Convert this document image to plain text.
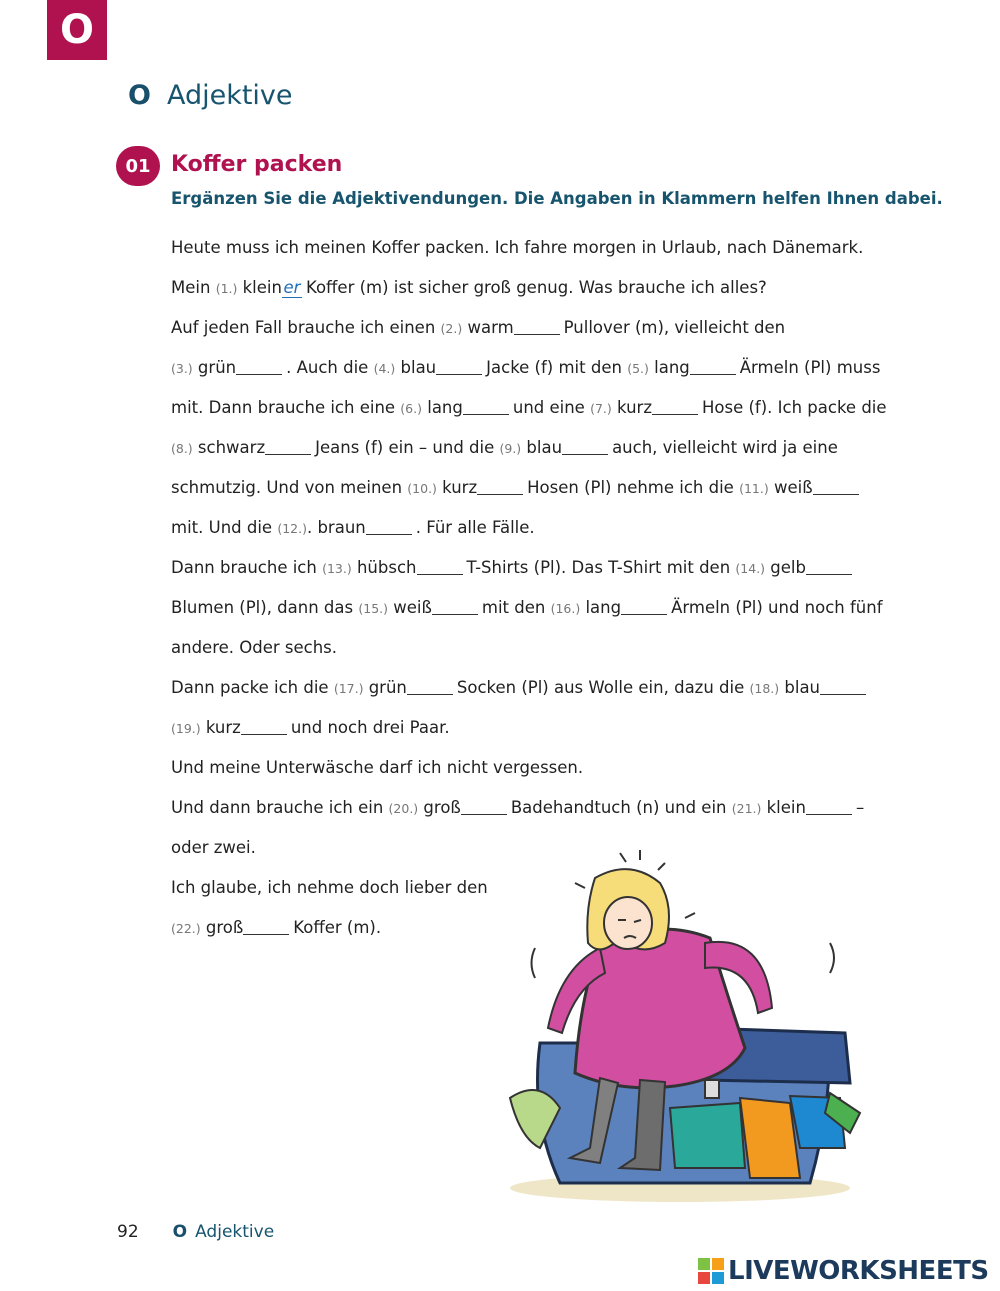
O
O Adjektive
01 Koffer packen
Ergänzen Sie die Adjektivendungen. Die Angaben in Klammern helfen Ihnen dabei.
Heute muss ich meinen Koffer packen. Ich fahre morgen in Urlaub, nach Dänemark.
Mein (1.) kleiner Koffer (m) ist sicher groß genug. Was brauche ich alles?
Auf jeden Fall brauche ich einen (2.) warm	Pullover (m), vielleicht den
(3.) grün	. Auch die (4.) blau	Jacke (f) mit den (5.) lang	Ärmeln (Pl) muss
mit. Dann brauche ich eine (6.) lang	und eine (7.) kurz	Hose (f). Ich packe die
(8.) schwarz	Jeans (f) ein – und die (9.) blau	auch, vielleicht wird ja eine
schmutzig. Und von meinen (10.) kurz	Hosen (Pl) nehme ich die (11.) weiß
mit. Und die (12.). braun	. Für alle Fälle.
Dann brauche ich (13.) hübsch	T-Shirts (Pl). Das T-Shirt mit den (14.) gelb
Blumen (Pl), dann das (15.) weiß	mit den (16.) lang	Ärmeln (Pl) und noch fünf
andere. Oder sechs.
Dann packe ich die (17.) grün	Socken (Pl) aus Wolle ein, dazu die (18.) blau
(19.) kurz	und noch drei Paar.
Und meine Unterwäsche darf ich nicht vergessen.
Und dann brauche ich ein (20.) groß	Badehandtuch (n) und ein (21.) klein	–
oder zwei.
Ich glaube, ich nehme doch lieber den
(22.) groß	Koffer (m).
92 O Adjektive
LIVEWORKSHEETS
